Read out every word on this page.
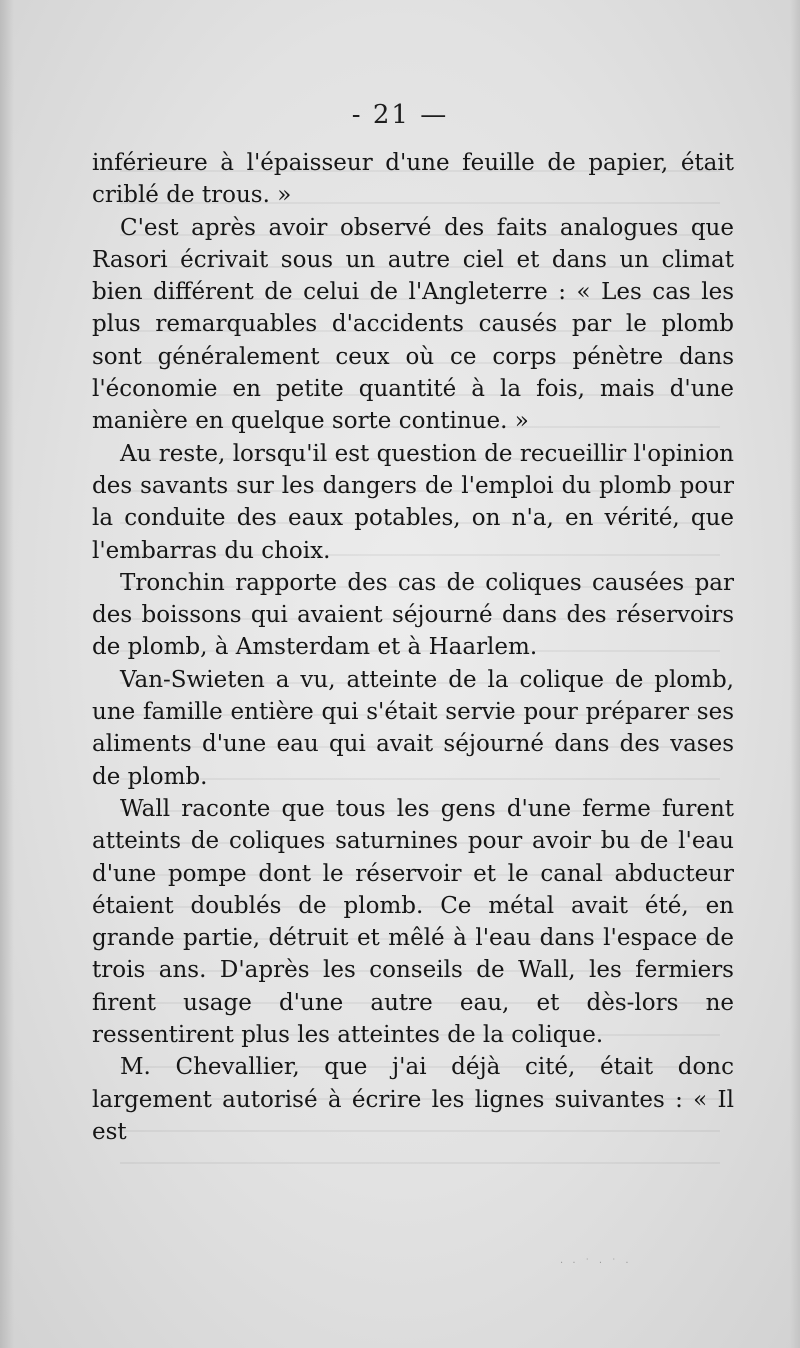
- 21 —

inférieure à l'épaisseur d'une feuille de papier, était criblé de trous. »

C'est après avoir observé des faits analogues que Rasori écrivait sous un autre ciel et dans un climat bien différent de celui de l'Angleterre : « Les cas les plus remarquables d'accidents causés par le plomb sont généralement ceux où ce corps pénètre dans l'économie en petite quantité à la fois, mais d'une manière en quelque sorte continue. »

Au reste, lorsqu'il est question de recueillir l'opinion des savants sur les dangers de l'emploi du plomb pour la conduite des eaux potables, on n'a, en vérité, que l'embarras du choix.

Tronchin rapporte des cas de coliques causées par des boissons qui avaient séjourné dans des réservoirs de plomb, à Amsterdam et à Haarlem.

Van-Swieten a vu, atteinte de la colique de plomb, une famille entière qui s'était servie pour préparer ses aliments d'une eau qui avait séjourné dans des vases de plomb.

Wall raconte que tous les gens d'une ferme furent atteints de coliques saturnines pour avoir bu de l'eau d'une pompe dont le réservoir et le canal abducteur étaient doublés de plomb. Ce métal avait été, en grande partie, détruit et mêlé à l'eau dans l'espace de trois ans. D'après les conseils de Wall, les fermiers firent usage d'une autre eau, et dès-lors ne ressentirent plus les atteintes de la colique.

M. Chevallier, que j'ai déjà cité, était donc largement autorisé à écrire les lignes suivantes : « Il est

· · ˙ · ˙ ·
